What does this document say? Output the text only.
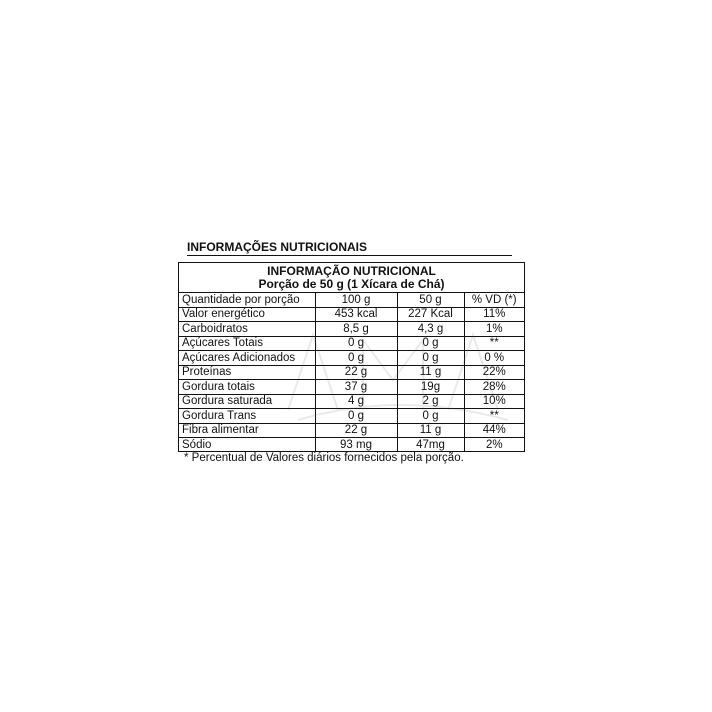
INFORMAÇÕES NUTRICIONAIS
INFORMAÇÃO NUTRICIONAL
Porção de 50 g (1 Xícara de Chá)
Quantidade por porção	100 g	50 g	% VD (*)
Valor energético	453 kcal	227 Kcal	11%
Carboidratos	8,5 g	4,3 g	1%
Açúcares Totais	0 g	0 g	**
Açúcares Adicionados	0 g	0 g	0 %
Proteínas	22 g	11 g	22%
Gordura totais	37 g	19g	28%
Gordura saturada	4 g	2 g	10%
Gordura Trans	0 g	0 g	**
Fibra alimentar	22 g	11 g	44%
Sódio	93 mg	47mg	2%
* Percentual de Valores diários fornecidos pela porção.
